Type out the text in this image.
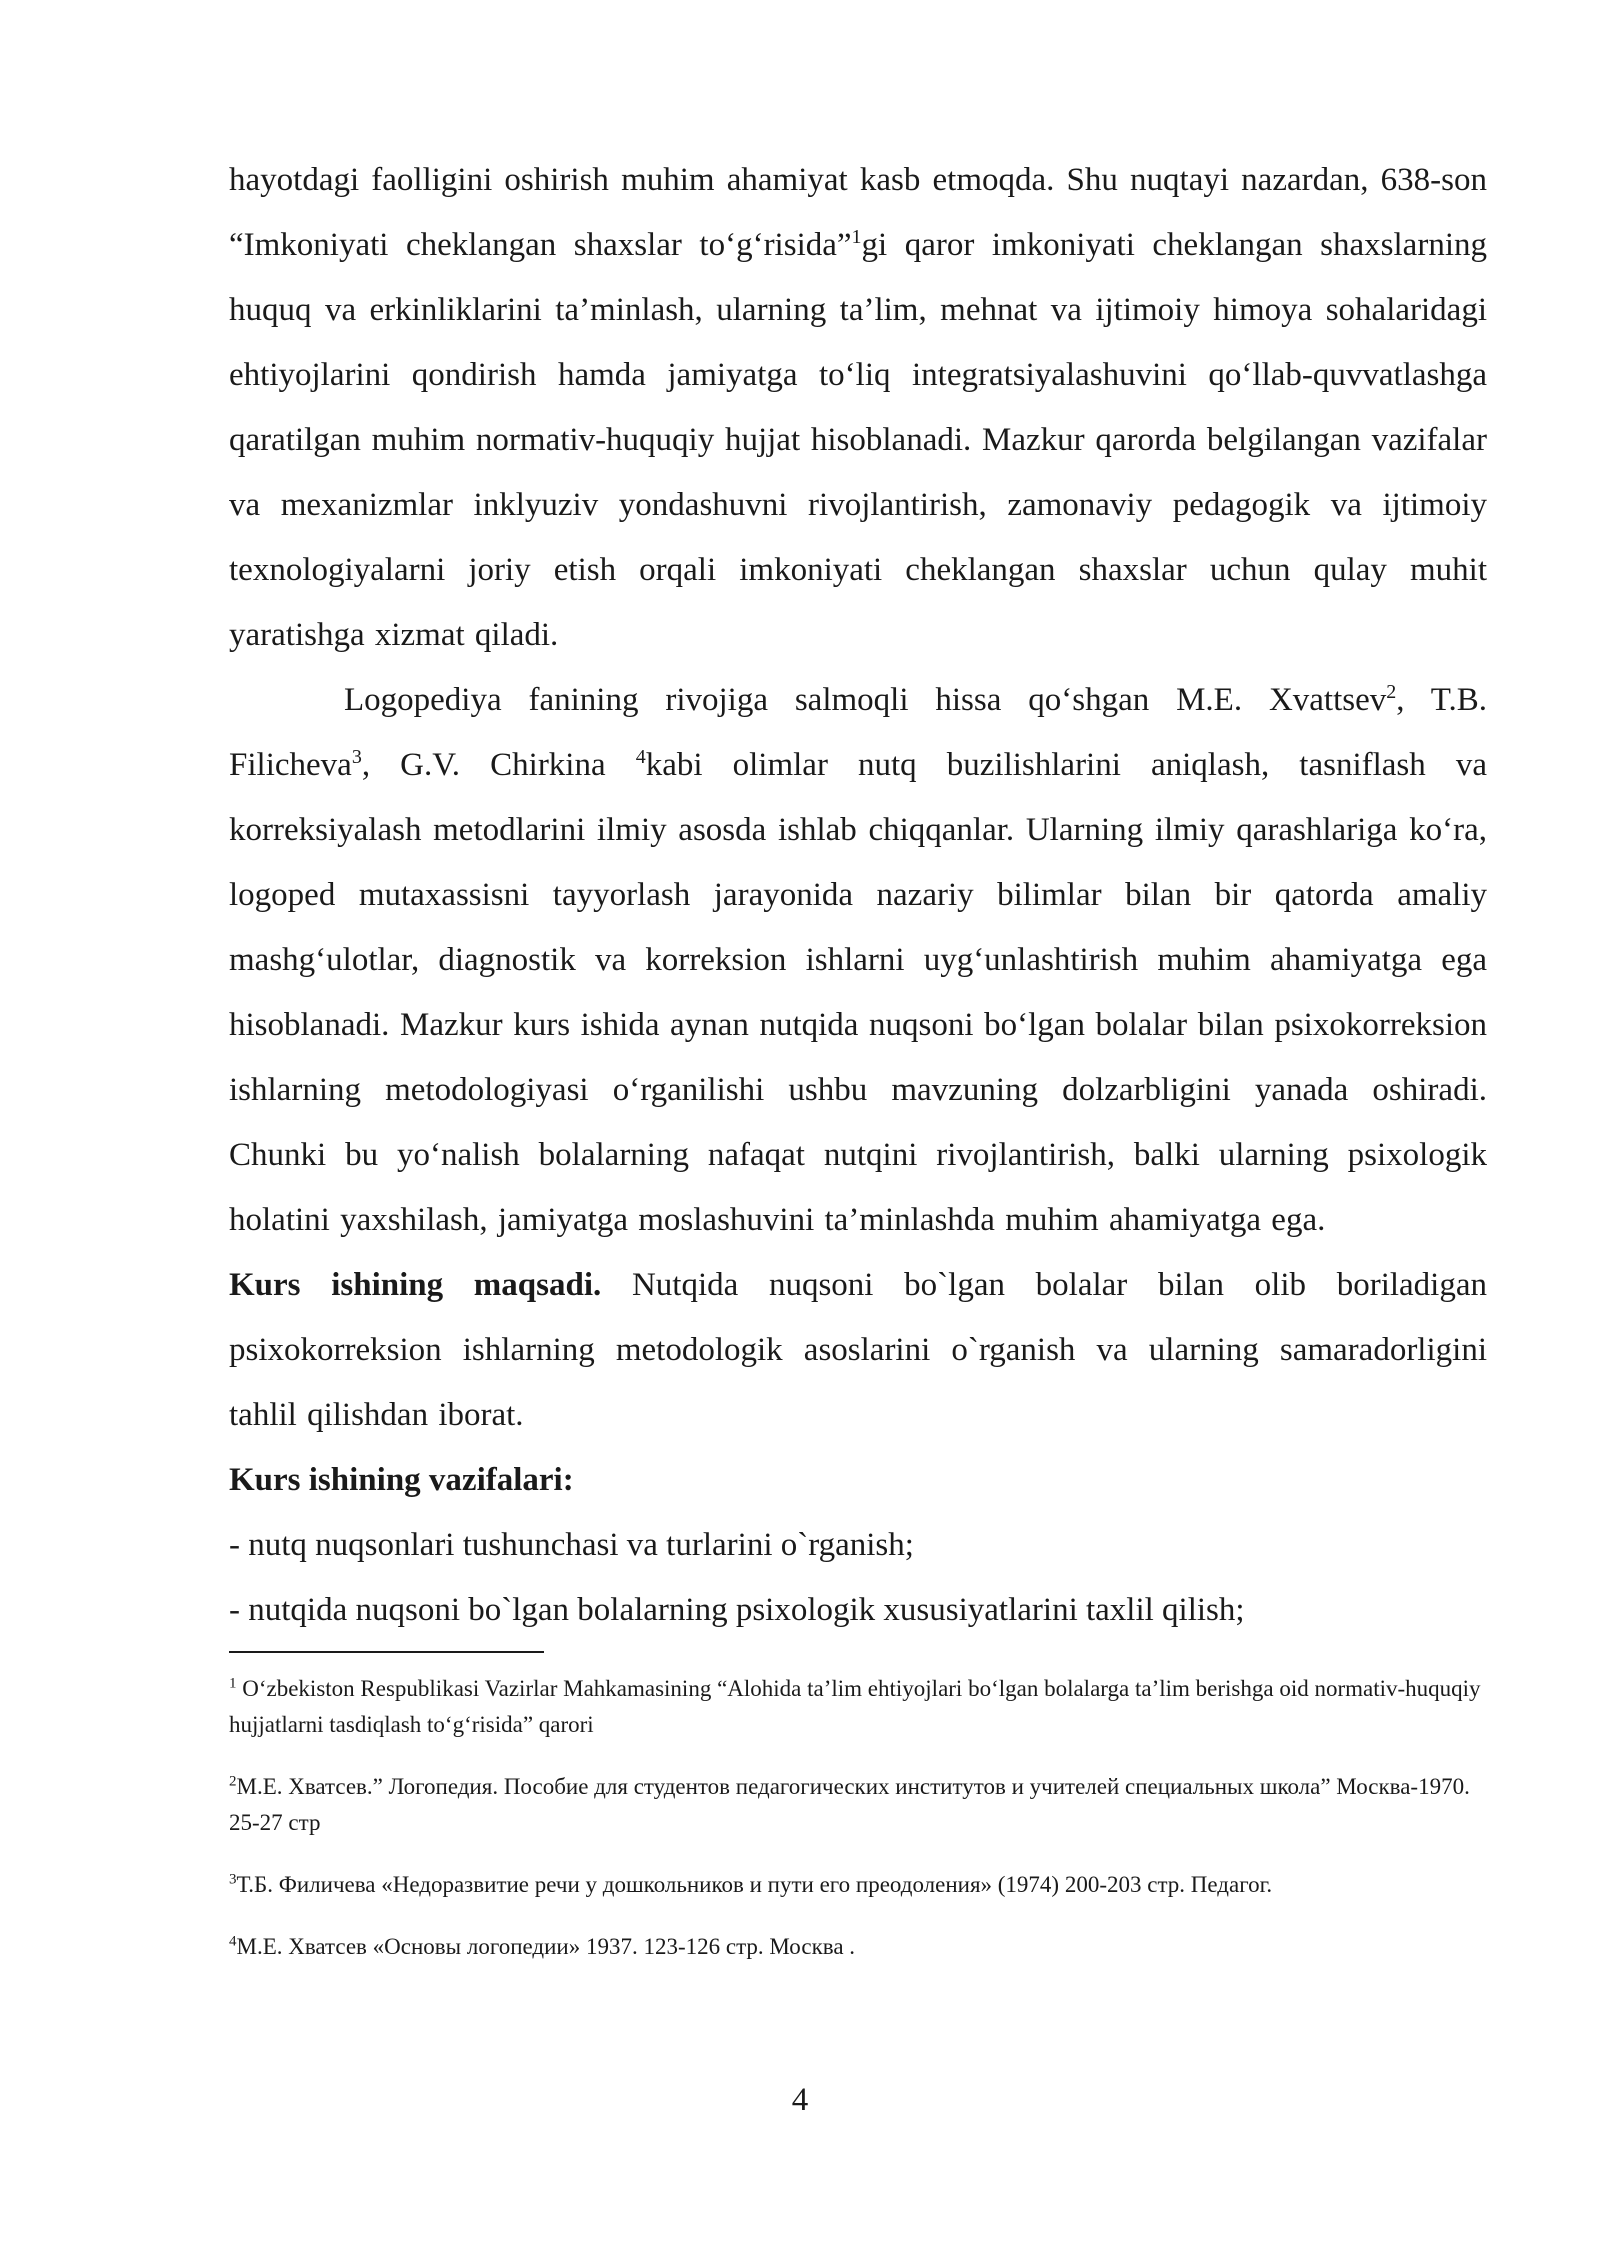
hayotdagi faolligini oshirish muhim ahamiyat kasb etmoqda. Shu nuqtayi nazardan, 638-son “Imkoniyati cheklangan shaxslar to‘g‘risida”$^1$gi qaror imkoniyati cheklangan shaxslarning huquq va erkinliklarini ta’minlash, ularning ta’lim, mehnat va ijtimoiy himoya sohalaridagi ehtiyojlarini qondirish hamda jamiyatga to‘liq integratsiyalashuvini qo‘llab-quvvatlashga qaratilgan muhim normativ-huquqiy hujjat hisoblanadi. Mazkur qarorda belgilangan vazifalar va mexanizmlar inklyuziv yondashuvni rivojlantirish, zamonaviy pedagogik va ijtimoiy texnologiyalarni joriy etish orqali imkoniyati cheklangan shaxslar uchun qulay muhit yaratishga xizmat qiladi.

Logopediya fanining rivojiga salmoqli hissa qo‘shgan M.E. Xvattsev$^2$, T.B. Filicheva$^3$, G.V. Chirkina $^4$kabi olimlar nutq buzilishlarini aniqlash, tasniflash va korreksiyalash metodlarini ilmiy asosda ishlab chiqqanlar. Ularning ilmiy qarashlariga ko‘ra, logoped mutaxassisni tayyorlash jarayonida nazariy bilimlar bilan bir qatorda amaliy mashg‘ulotlar, diagnostik va korreksion ishlarni uyg‘unlashtirish muhim ahamiyatga ega hisoblanadi. Mazkur kurs ishida aynan nutqida nuqsoni bo‘lgan bolalar bilan psixokorreksion ishlarning metodologiyasi o‘rganilishi ushbu mavzuning dolzarbligini yanada oshiradi. Chunki bu yo‘nalish bolalarning nafaqat nutqini rivojlantirish, balki ularning psixologik holatini yaxshilash, jamiyatga moslashuvini ta’minlashda muhim ahamiyatga ega.

Kurs ishining maqsadi. Nutqida nuqsoni bo`lgan bolalar bilan olib boriladigan psixokorreksion ishlarning metodologik asoslarini o`rganish va ularning samaradorligini tahlil qilishdan iborat.

Kurs ishining vazifalari:

- nutq nuqsonlari tushunchasi va turlarini o`rganish;

- nutqida nuqsoni bo`lgan bolalarning psixologik xususiyatlarini taxlil qilish;

$^1$ O‘zbekiston Respublikasi Vazirlar Mahkamasining “Alohida ta’lim ehtiyojlari bo‘lgan bolalarga ta’lim berishga oid normativ-huquqiy hujjatlarni tasdiqlash to‘g‘risida” qarori

$^2$М.Е. Хватсев.” Логопедия. Пособие для студентов педагогических институтов и учителей специальных школа” Москва-1970. 25-27 стр

$^3$Т.Б. Филичева «Недоразвитие речи у дошкольников и пути его преодоления» (1974) 200-203 стр. Педагог.

$^4$М.Е. Хватсев «Основы логопедии» 1937. 123-126 стр. Москва .

4
